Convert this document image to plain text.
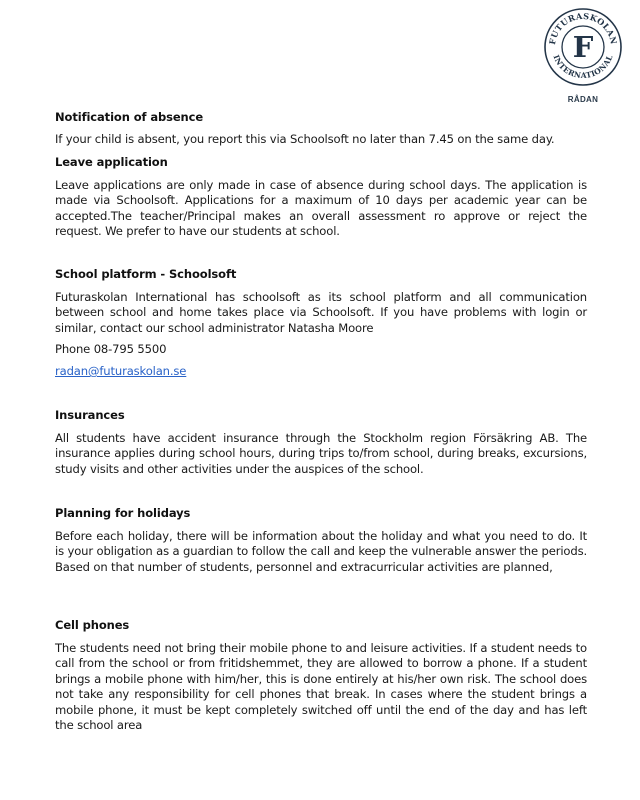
FUTURASKOLAN
INTERNATIONAL
F
RÅDAN
Notification of absence
If your child is absent, you report this via Schoolsoft no later than 7.45 on the same day.
Leave application
Leave applications are only made in case of absence during school days. The application is made via Schoolsoft. Applications for a maximum of 10 days per academic year can be accepted.The teacher/Principal makes an overall assessment ro approve or reject the request. We prefer to have our students at school.
School platform - Schoolsoft
Futuraskolan International has schoolsoft as its school platform and all communication between school and home takes place via Schoolsoft. If you have problems with login or similar, contact our school administrator Natasha Moore
Phone 08-795 5500
radan@futuraskolan.se
Insurances
All students have accident insurance through the Stockholm region Försäkring AB. The insurance applies during school hours, during trips to/from school, during breaks, excursions, study visits and other activities under the auspices of the school.
Planning for holidays
Before each holiday, there will be information about the holiday and what you need to do. It is your obligation as a guardian to follow the call and keep the vulnerable answer the periods. Based on that number of students, personnel and extracurricular activities are planned,
Cell phones
The students need not bring their mobile phone to and leisure activities. If a student needs to call from the school or from fritidshemmet, they are allowed to borrow a phone. If a student brings a mobile phone with him/her, this is done entirely at his/her own risk. The school does not take any responsibility for cell phones that break. In cases where the student brings a mobile phone, it must be kept completely switched off until the end of the day and has left the school area
